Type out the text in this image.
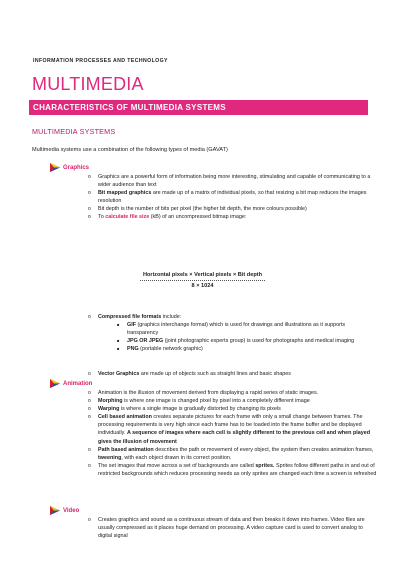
INFORMATION PROCESSES AND TECHNOLOGY
MULTIMEDIA
CHARACTERISTICS OF MULTIMEDIA SYSTEMS
MULTIMEDIA SYSTEMS
Multimedia systems use a combination of the following types of media (GAVAT)
Graphics
o Graphics are a powerful form of information being more interesting, stimulating and capable of communicating to a wider audience than text
o Bit mapped graphics are made up of a matrix of individual pixels, so that resizing a bit map reduces the images resolution
o Bit depth is the number of bits per pixel (the higher bit depth, the more colours possible)
o To calculate file size (kB) of an uncompressed bitmap image:
Horizontal pixels × Vertical pixels × Bit depth
8 × 1024
o Compressed file formats include:
■ GIF (graphics interchange format) which is used for drawings and illustrations as it supports transparency
■ JPG OR JPEG (joint photographic experts group) is used for photographs and medical imaging
■ PNG (portable network graphic)
o Vector Graphics are made up of objects such as straight lines and basic shapes
Animation
o Animation is the illusion of movement derived from displaying a rapid series of static images.
o Morphing is where one image is changed pixel by pixel into a completely different image
o Warping is where a single image is gradually distorted by changing its pixels
o Cell based animation creates separate pictures for each frame with only a small change between frames. The processing requirements is very high since each frame has to be loaded into the frame buffer and be displayed individually. A sequence of images where each cell is slightly different to the previous cell and when played gives the illusion of movement
o Path based animation describes the path or movement of every object, the system then creates animation frames, tweening, with each object drawn in its correct position.
o The set images that move across a set of backgrounds are called sprites. Sprites follow different paths in and out of restricted backgrounds which reduces processing needs as only sprites are changed each time a screen is refreshed
Video
o Creates graphics and sound as a continuous stream of data and then breaks it down into frames. Video files are usually compressed as it places huge demand on processing. A video capture card is used to convert analog to digital signal
